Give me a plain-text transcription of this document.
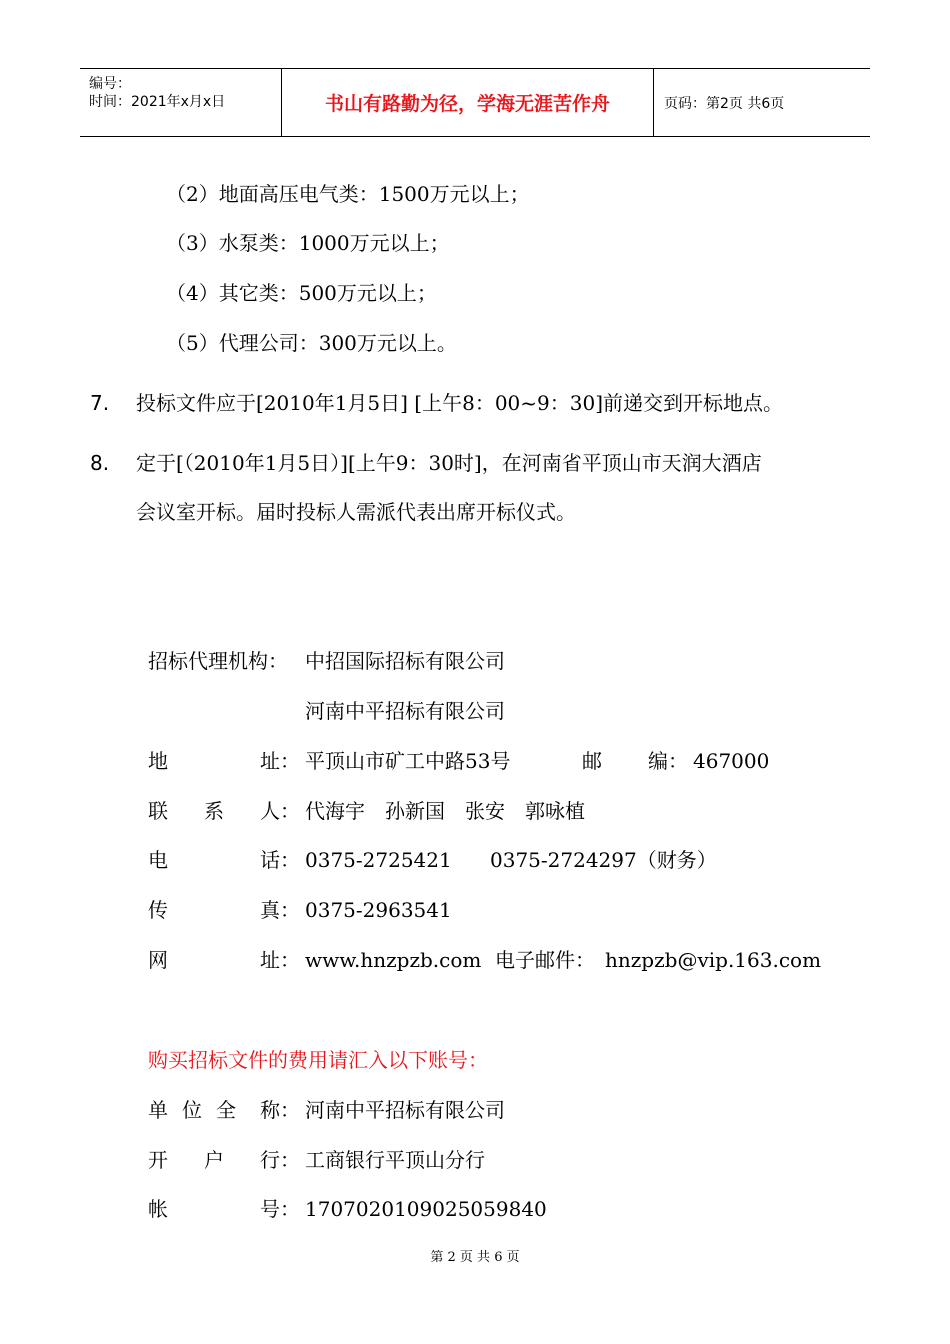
编号：
时间：2021年x月x日	书山有路勤为径，学海无涯苦作舟	页码：第2页 共6页
（2）地面高压电气类：1500万元以上；
（3）水泵类：1000万元以上；
（4）其它类：500万元以上；
（5）代理公司：300万元以上。
7. 投标文件应于[2010年1月5日] [上午8：00~9：30]前递交到开标地点。
8. 定于[（2010年1月5日）][上午9：30时]，在河南省平顶山市天润大酒店
会议室开标。届时投标人需派代表出席开标仪式。
招标代理机构： 中招国际招标有限公司
河南中平招标有限公司
地	址： 平顶山市矿工中路53号	邮 编： 467000
联 系 人： 代海宇　孙新国　张安　郭咏植
电	话： 0375-2725421 0375-2724297（财务）
传	真： 0375-2963541
网	址： www.hnzpzb.com 电子邮件： hnzpzb@vip.163.com
购买招标文件的费用请汇入以下账号：
单 位 全 称： 河南中平招标有限公司
开 户 行： 工商银行平顶山分行
帐	号： 1707020109025059840
第 2 页 共 6 页
